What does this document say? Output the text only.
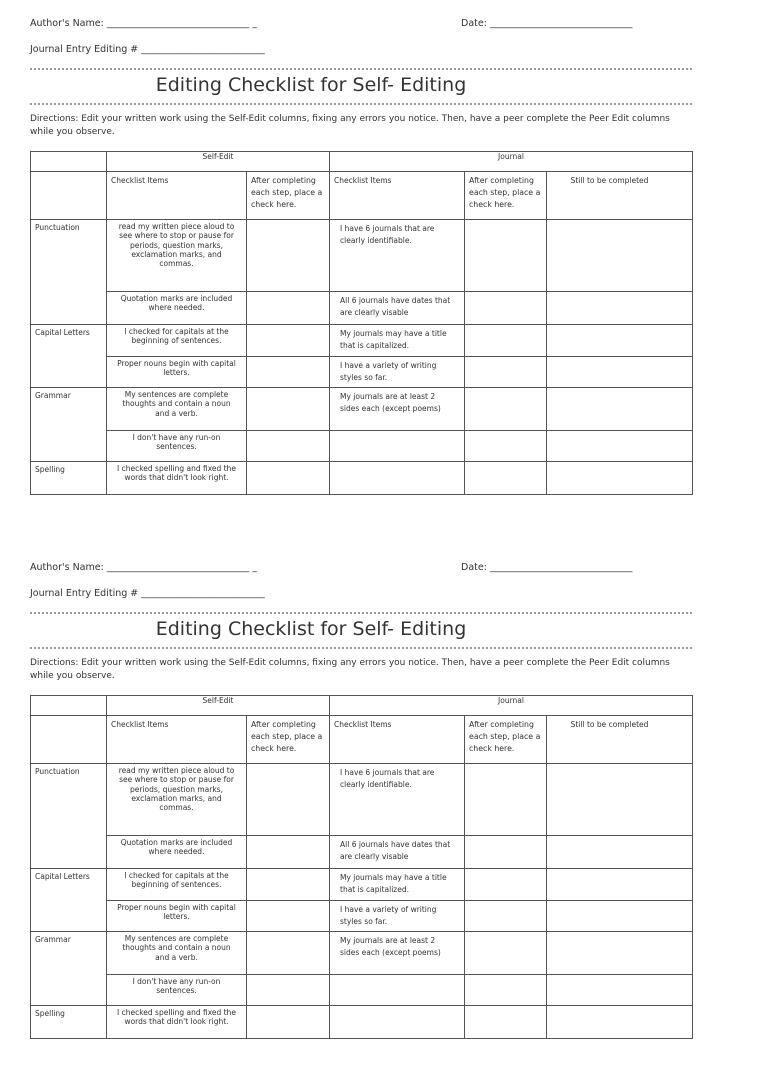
Author's Name: ______________________________ _	Date: ______________________________
Journal Entry Editing # __________________________
Editing Checklist for Self- Editing
Directions: Edit your written work using the Self-Edit columns, fixing any errors you notice. Then, have a peer complete the Peer Edit columns while you observe.
	Self-Edit		Journal		
	Checklist Items	After completing each step, place a check here.	Checklist Items	After completing each step, place a check here.	Still to be completed
Punctuation	read my written piece aloud to see where to stop or pause for periods, question marks, exclamation marks, and commas.		I have 6 journals that are clearly identifiable.		
	Quotation marks are included where needed.		All 6 journals have dates that are clearly visable		
Capital Letters	I checked for capitals at the beginning of sentences.		My journals may have a title that is capitalized.		
	Proper nouns begin with capital letters.		I have a variety of writing styles so far.		
Grammar	My sentences are complete thoughts and contain a noun and a verb.		My journals are at least 2 sides each (except poems)		
	I don't have any run-on sentences.				
Spelling	I checked spelling and fixed the words that didn't look right.				
Author's Name: ______________________________ _	Date: ______________________________
Journal Entry Editing # __________________________
Editing Checklist for Self- Editing
Directions: Edit your written work using the Self-Edit columns, fixing any errors you notice. Then, have a peer complete the Peer Edit columns while you observe.
	Self-Edit		Journal		
	Checklist Items	After completing each step, place a check here.	Checklist Items	After completing each step, place a check here.	Still to be completed
Punctuation	read my written piece aloud to see where to stop or pause for periods, question marks, exclamation marks, and commas.		I have 6 journals that are clearly identifiable.		
	Quotation marks are included where needed.		All 6 journals have dates that are clearly visable		
Capital Letters	I checked for capitals at the beginning of sentences.		My journals may have a title that is capitalized.		
	Proper nouns begin with capital letters.		I have a variety of writing styles so far.		
Grammar	My sentences are complete thoughts and contain a noun and a verb.		My journals are at least 2 sides each (except poems)		
	I don't have any run-on sentences.				
Spelling	I checked spelling and fixed the words that didn't look right.				
